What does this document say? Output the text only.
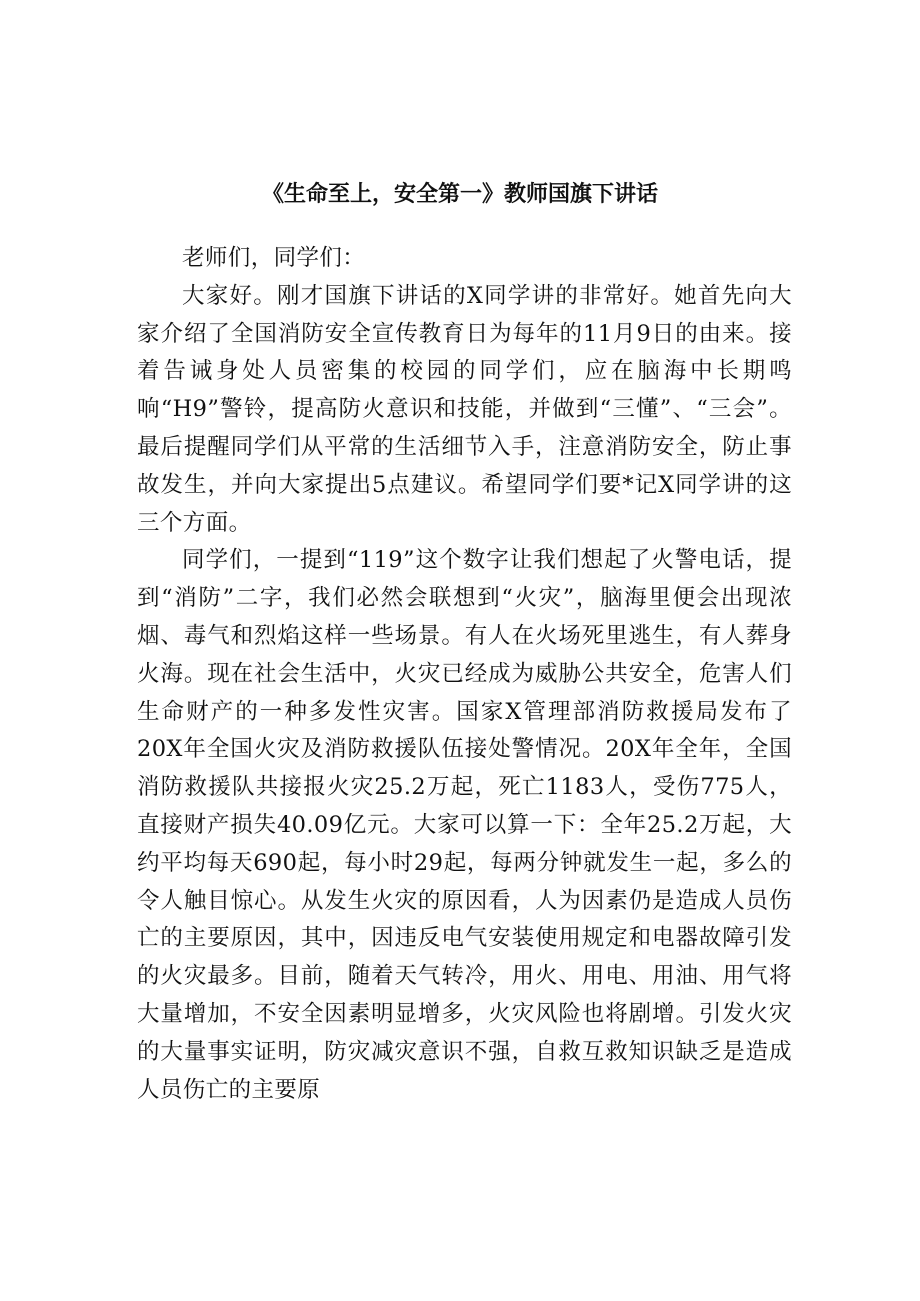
《生命至上，安全第一》教师国旗下讲话

老师们，同学们：

大家好。刚才国旗下讲话的X同学讲的非常好。她首先向大家介绍了全国消防安全宣传教育日为每年的11月9日的由来。接着告诫身处人员密集的校园的同学们，应在脑海中长期鸣响“H9”警铃，提高防火意识和技能，并做到“三懂”、“三会”。最后提醒同学们从平常的生活细节入手，注意消防安全，防止事故发生，并向大家提出5点建议。希望同学们要*记X同学讲的这三个方面。

同学们，一提到“119”这个数字让我们想起了火警电话，提到“消防”二字，我们必然会联想到“火灾”，脑海里便会出现浓烟、毒气和烈焰这样一些场景。有人在火场死里逃生，有人葬身火海。现在社会生活中，火灾已经成为威胁公共安全，危害人们生命财产的一种多发性灾害。国家X管理部消防救援局发布了20X年全国火灾及消防救援队伍接处警情况。20X年全年，全国消防救援队共接报火灾25.2万起，死亡1183人，受伤775人，直接财产损失40.09亿元。大家可以算一下：全年25.2万起，大约平均每天690起，每小时29起，每两分钟就发生一起，多么的令人触目惊心。从发生火灾的原因看，人为因素仍是造成人员伤亡的主要原因，其中，因违反电气安装使用规定和电器故障引发的火灾最多。目前，随着天气转冷，用火、用电、用油、用气将大量增加，不安全因素明显增多，火灾风险也将剧增。引发火灾的大量事实证明，防灾减灾意识不强，自救互救知识缺乏是造成人员伤亡的主要原
